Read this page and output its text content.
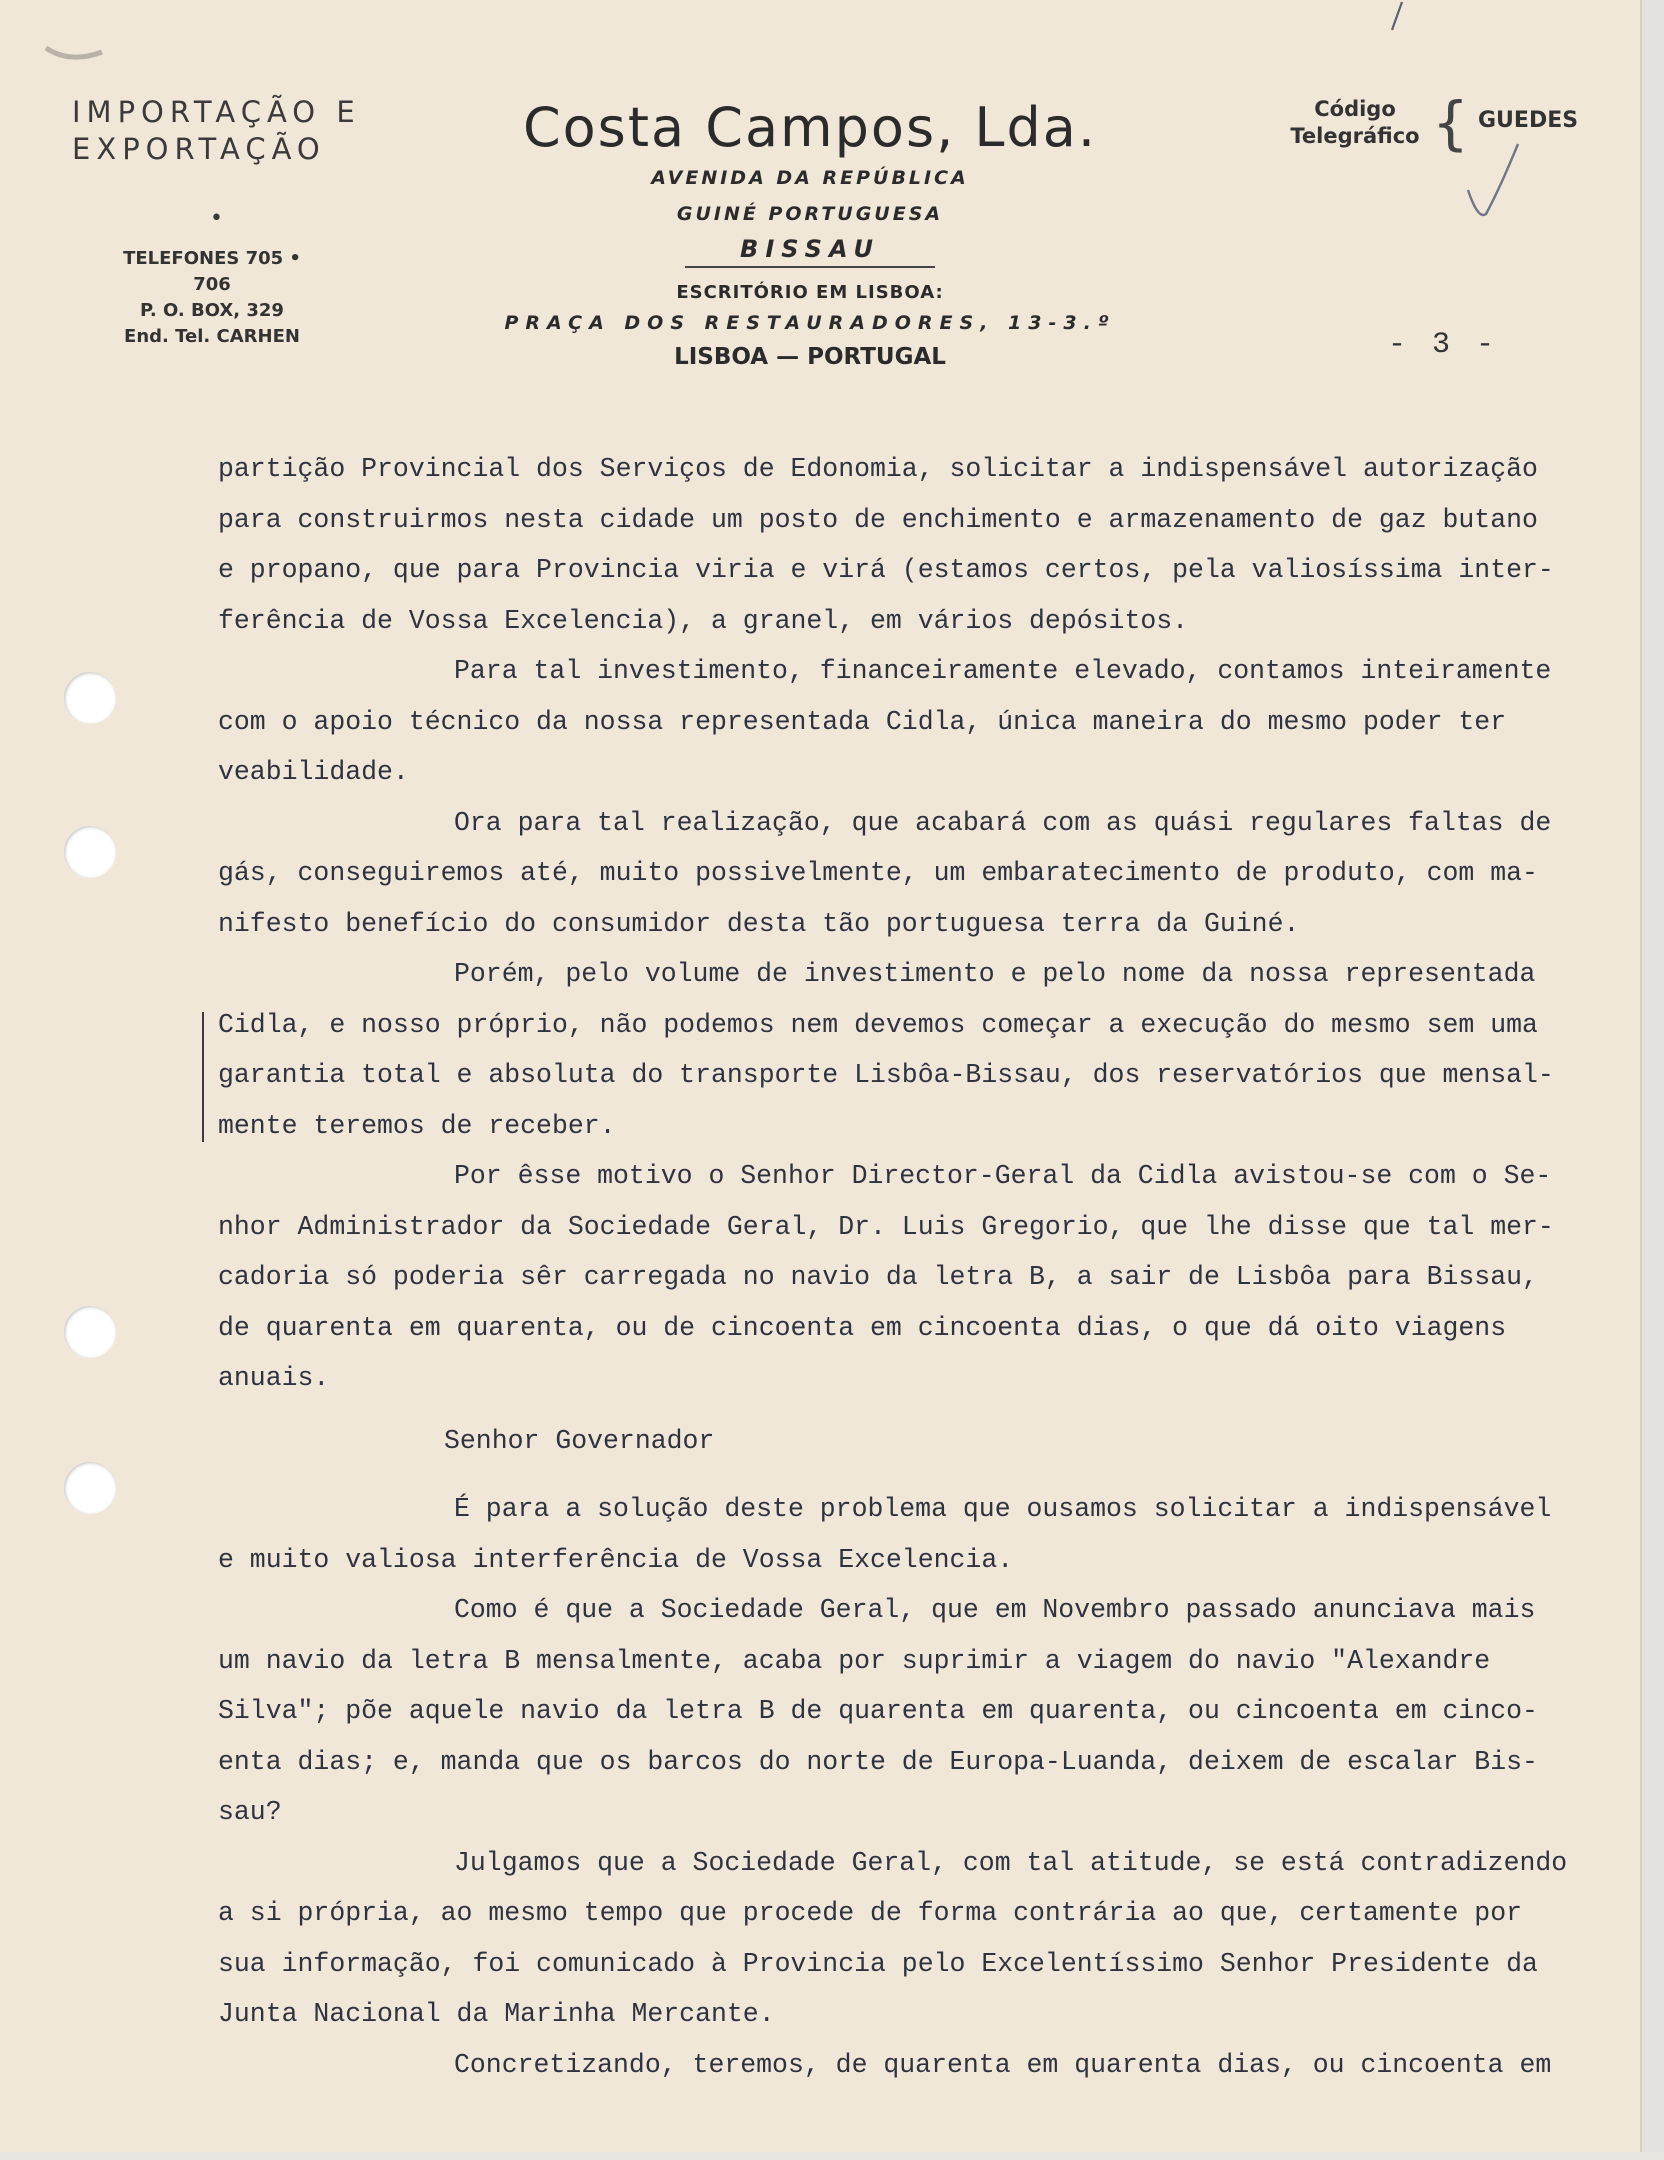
IMPORTAÇÃO E
EXPORTAÇÃO
•
TELEFONES 705 • 706
P. O. BOX, 329
End. Tel. CARHEN
Costa Campos, Lda.
AVENIDA DA REPÚBLICA
GUINÉ PORTUGUESA
BISSAU
ESCRITÓRIO EM LISBOA:
PRAÇA DOS RESTAURADORES, 13-3.º
LISBOA — PORTUGAL
Código
Telegráfico { GUEDES
- 3 -

partição Provincial dos Serviços de Edonomia, solicitar a indispensável autorização

para construirmos nesta cidade um posto de enchimento e armazenamento de gaz butano

e propano, que para Provincia viria e virá (estamos certos, pela valiosíssima inter-

ferência de Vossa Excelencia), a granel, em vários depósitos.

Para tal investimento, financeiramente elevado, contamos inteiramente

com o apoio técnico da nossa representada Cidla, única maneira do mesmo poder ter

veabilidade.

Ora para tal realização, que acabará com as quási regulares faltas de

gás, conseguiremos até, muito possivelmente, um embaratecimento de produto, com ma-

nifesto benefício do consumidor desta tão portuguesa terra da Guiné.

Porém, pelo volume de investimento e pelo nome da nossa representada

Cidla, e nosso próprio, não podemos nem devemos começar a execução do mesmo sem uma

garantia total e absoluta do transporte Lisbôa-Bissau, dos reservatórios que mensal-

mente teremos de receber.

Por êsse motivo o Senhor Director-Geral da Cidla avistou-se com o Se-

nhor Administrador da Sociedade Geral, Dr. Luis Gregorio, que lhe disse que tal mer-

cadoria só poderia sêr carregada no navio da letra B, a sair de Lisbôa para Bissau,

de quarenta em quarenta, ou de cincoenta em cincoenta dias, o que dá oito viagens

anuais.

Senhor Governador

É para a solução deste problema que ousamos solicitar a indispensável

e muito valiosa interferência de Vossa Excelencia.

Como é que a Sociedade Geral, que em Novembro passado anunciava mais

um navio da letra B mensalmente, acaba por suprimir a viagem do navio "Alexandre

Silva"; põe aquele navio da letra B de quarenta em quarenta, ou cincoenta em cinco-

enta dias; e, manda que os barcos do norte de Europa-Luanda, deixem de escalar Bis-

sau?

Julgamos que a Sociedade Geral, com tal atitude, se está contradizendo

a si própria, ao mesmo tempo que procede de forma contrária ao que, certamente por

sua informação, foi comunicado à Provincia pelo Excelentíssimo Senhor Presidente da

Junta Nacional da Marinha Mercante.

Concretizando, teremos, de quarenta em quarenta dias, ou cincoenta em
